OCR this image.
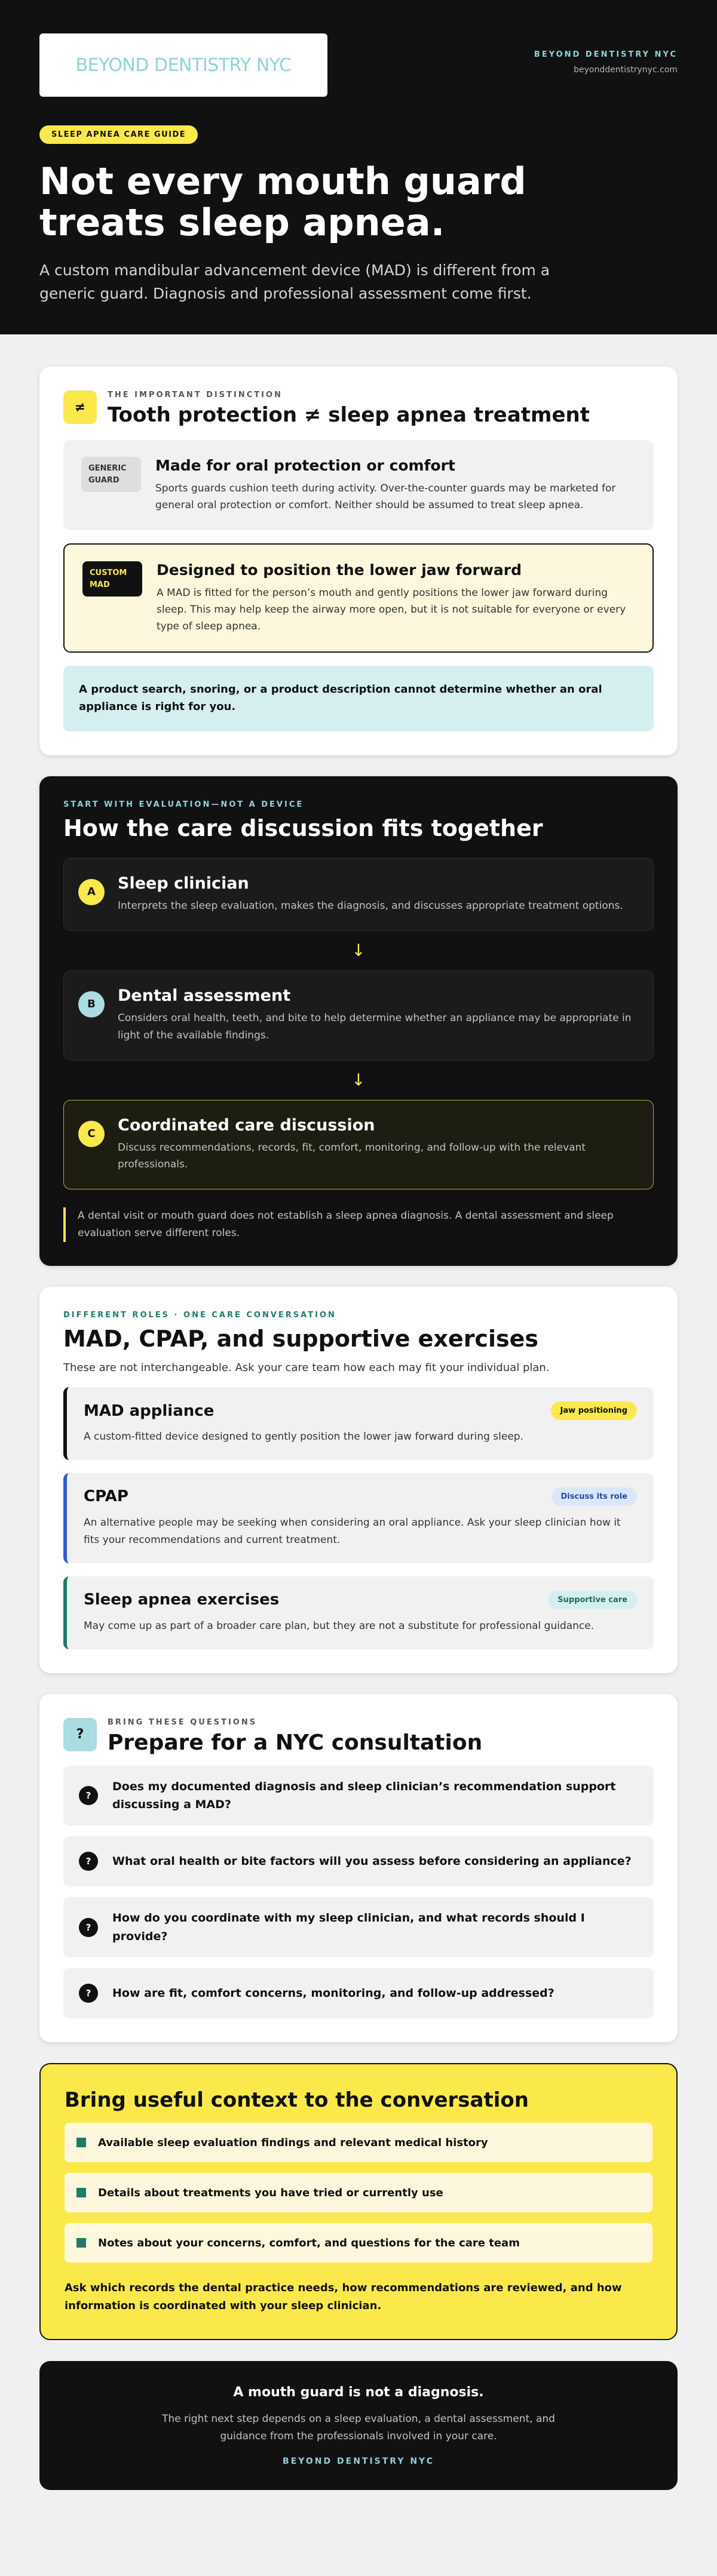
BEYOND DENTISTRY NYC	BEYOND DENTISTRY NYC
beyonddentistrynyc.com
SLEEP APNEA CARE GUIDE
Not every mouth guard treats sleep apnea.

A custom mandibular advancement device (MAD) is different from a generic guard. Diagnosis and professional assessment come first.

≠
THE IMPORTANT DISTINCTION
Tooth protection ≠ sleep apnea treatment
GENERIC GUARD
Made for oral protection or comfort
Sports guards cushion teeth during activity. Over-the-counter guards may be marketed for general oral protection or comfort. Neither should be assumed to treat sleep apnea.
CUSTOM MAD
Designed to position the lower jaw forward
A MAD is fitted for the person’s mouth and gently positions the lower jaw forward during sleep. This may help keep the airway more open, but it is not suitable for everyone or every type of sleep apnea.
A product search, snoring, or a product description cannot determine whether an oral appliance is right for you.
START WITH EVALUATION—NOT A DEVICE
How the care discussion fits together
A	Sleep clinician
Interprets the sleep evaluation, makes the diagnosis, and discusses appropriate treatment options.
↓
B	Dental assessment
Considers oral health, teeth, and bite to help determine whether an appliance may be appropriate in light of the available findings.
↓
C	Coordinated care discussion
Discuss recommendations, records, fit, comfort, monitoring, and follow-up with the relevant professionals.
A dental visit or mouth guard does not establish a sleep apnea diagnosis. A dental assessment and sleep evaluation serve different roles.
DIFFERENT ROLES · ONE CARE CONVERSATION
MAD, CPAP, and supportive exercises

These are not interchangeable. Ask your care team how each may fit your individual plan.

MAD appliance	Jaw positioning
A custom-fitted device designed to gently position the lower jaw forward during sleep.
CPAP	Discuss its role
An alternative people may be seeking when considering an oral appliance. Ask your sleep clinician how it fits your recommendations and current treatment.
Sleep apnea exercises	Supportive care
May come up as part of a broader care plan, but they are not a substitute for professional guidance.
?
BRING THESE QUESTIONS
Prepare for a NYC consultation
?
Does my documented diagnosis and sleep clinician’s recommendation support discussing a MAD?
?	What oral health or bite factors will you assess before considering an appliance?
?
How do you coordinate with my sleep clinician, and what records should I provide?
?	How are fit, comfort concerns, monitoring, and follow-up addressed?
Bring useful context to the conversation
Available sleep evaluation findings and relevant medical history
Details about treatments you have tried or currently use
Notes about your concerns, comfort, and questions for the care team

Ask which records the dental practice needs, how recommendations are reviewed, and how information is coordinated with your sleep clinician.

A mouth guard is not a diagnosis.

The right next step depends on a sleep evaluation, a dental assessment, and guidance from the professionals involved in your care.

BEYOND DENTISTRY NYC
